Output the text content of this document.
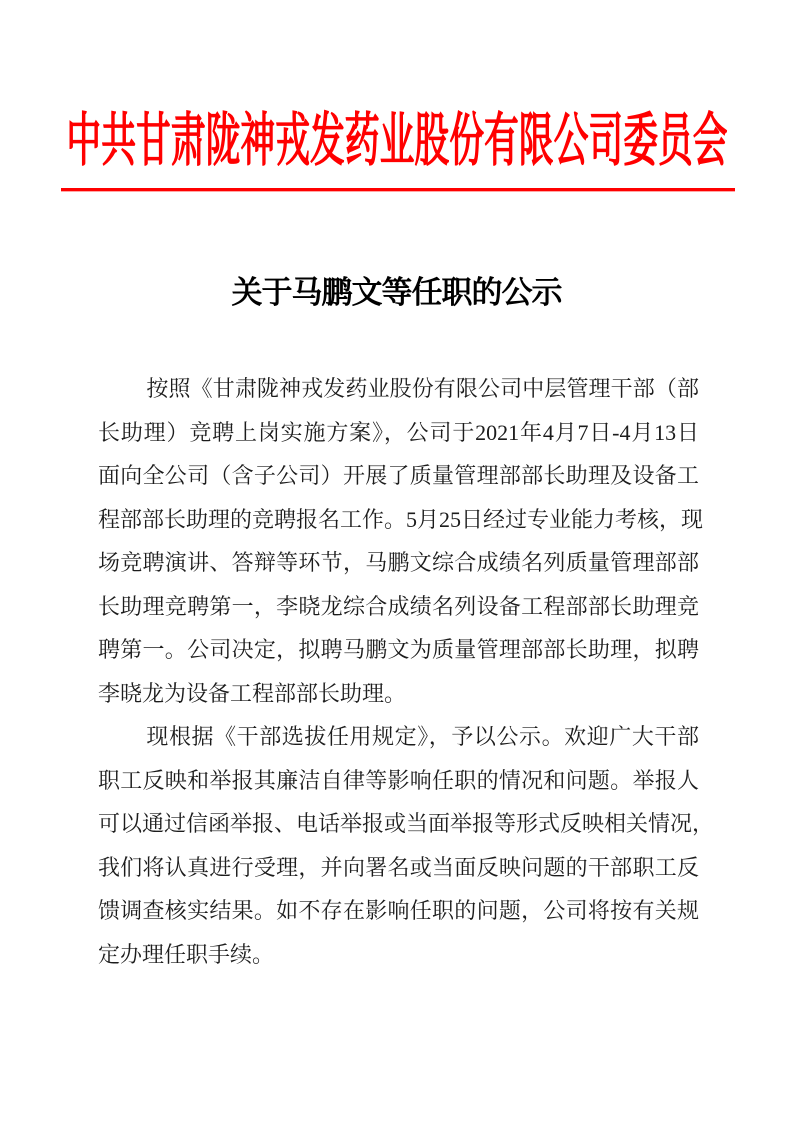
中共甘肃陇神戎发药业股份有限公司委员会
关于马鹏文等任职的公示
按照《甘肃陇神戎发药业股份有限公司中层管理干部（部
长助理）竞聘上岗实施方案》，公司于2021年4月7日-4月13日
面向全公司（含子公司）开展了质量管理部部长助理及设备工
程部部长助理的竞聘报名工作。5月25日经过专业能力考核，现
场竞聘演讲、答辩等环节，马鹏文综合成绩名列质量管理部部
长助理竞聘第一，李晓龙综合成绩名列设备工程部部长助理竞
聘第一。公司决定，拟聘马鹏文为质量管理部部长助理，拟聘
李晓龙为设备工程部部长助理。
现根据《干部选拔任用规定》，予以公示。欢迎广大干部
职工反映和举报其廉洁自律等影响任职的情况和问题。举报人
可以通过信函举报、电话举报或当面举报等形式反映相关情况，
我们将认真进行受理，并向署名或当面反映问题的干部职工反
馈调查核实结果。如不存在影响任职的问题，公司将按有关规
定办理任职手续。
